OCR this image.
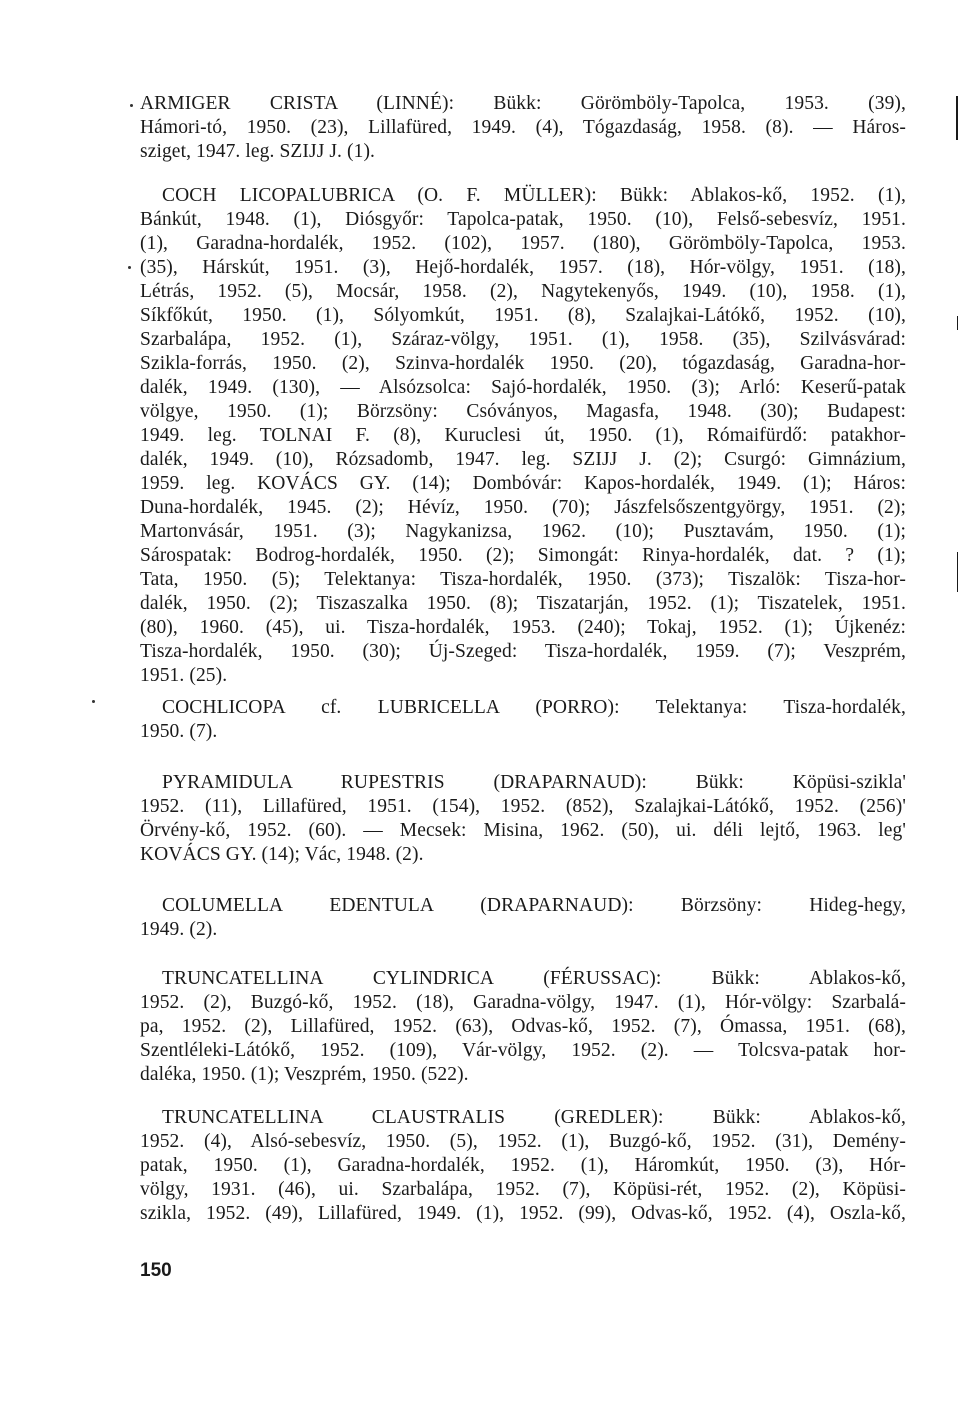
ARMIGER CRISTA (LINNÉ): Bükk: Görömböly-Tapolca, 1953. (39),
Hámori-tó, 1950. (23), Lillafüred, 1949. (4), Tógazdaság, 1958. (8). — Háros-
sziget, 1947. leg. SZIJJ J. (1).
COCH LICOPALUBRICA (O. F. MÜLLER): Bükk: Ablakos-kő, 1952. (1),
Bánkút, 1948. (1), Diósgyőr: Tapolca-patak, 1950. (10), Felső-sebesvíz, 1951.
(1), Garadna-hordalék, 1952. (102), 1957. (180), Görömböly-Tapolca, 1953.
(35), Hárskút, 1951. (3), Hejő-hordalék, 1957. (18), Hór-völgy, 1951. (18),
Létrás, 1952. (5), Mocsár, 1958. (2), Nagytekenyős, 1949. (10), 1958. (1),
Síkfőkút, 1950. (1), Sólyomkút, 1951. (8), Szalajkai-Látókő, 1952. (10),
Szarbalápa, 1952. (1), Száraz-völgy, 1951. (1), 1958. (35), Szilvásvárad:
Szikla-forrás, 1950. (2), Szinva-hordalék 1950. (20), tógazdaság, Garadna-hor-
dalék, 1949. (130), — Alsózsolca: Sajó-hordalék, 1950. (3); Arló: Keserű-patak
völgye, 1950. (1); Börzsöny: Csóványos, Magasfa, 1948. (30); Budapest:
1949. leg. TOLNAI F. (8), Kuruclesi út, 1950. (1), Rómaifürdő: patakhor-
dalék, 1949. (10), Rózsadomb, 1947. leg. SZIJJ J. (2); Csurgó: Gimnázium,
1959. leg. KOVÁCS GY. (14); Dombóvár: Kapos-hordalék, 1949. (1); Háros:
Duna-hordalék, 1945. (2); Hévíz, 1950. (70); Jászfelsőszentgyörgy, 1951. (2);
Martonvásár, 1951. (3); Nagykanizsa, 1962. (10); Pusztavám, 1950. (1);
Sárospatak: Bodrog-hordalék, 1950. (2); Simongát: Rinya-hordalék, dat. ? (1);
Tata, 1950. (5); Telektanya: Tisza-hordalék, 1950. (373); Tiszalök: Tisza-hor-
dalék, 1950. (2); Tiszaszalka 1950. (8); Tiszatarján, 1952. (1); Tiszatelek, 1951.
(80), 1960. (45), ui. Tisza-hordalék, 1953. (240); Tokaj, 1952. (1); Újkenéz:
Tisza-hordalék, 1950. (30); Új-Szeged: Tisza-hordalék, 1959. (7); Veszprém,
1951. (25).
COCHLICOPA cf. LUBRICELLA (PORRO): Telektanya: Tisza-hordalék,
1950. (7).
PYRAMIDULA RUPESTRIS (DRAPARNAUD): Bükk: Köpüsi-szikla'
1952. (11), Lillafüred, 1951. (154), 1952. (852), Szalajkai-Látókő, 1952. (256)'
Örvény-kő, 1952. (60). — Mecsek: Misina, 1962. (50), ui. déli lejtő, 1963. leg'
KOVÁCS GY. (14); Vác, 1948. (2).
COLUMELLA EDENTULA (DRAPARNAUD): Börzsöny: Hideg-hegy,
1949. (2).
TRUNCATELLINA CYLINDRICA (FÉRUSSAC): Bükk: Ablakos-kő,
1952. (2), Buzgó-kő, 1952. (18), Garadna-völgy, 1947. (1), Hór-völgy: Szarbalá-
pa, 1952. (2), Lillafüred, 1952. (63), Odvas-kő, 1952. (7), Ómassa, 1951. (68),
Szentléleki-Látókő, 1952. (109), Vár-völgy, 1952. (2). — Tolcsva-patak hor-
daléka, 1950. (1); Veszprém, 1950. (522).
TRUNCATELLINA CLAUSTRALIS (GREDLER): Bükk: Ablakos-kő,
1952. (4), Alsó-sebesvíz, 1950. (5), 1952. (1), Buzgó-kő, 1952. (31), Demény-
patak, 1950. (1), Garadna-hordalék, 1952. (1), Háromkút, 1950. (3), Hór-
völgy, 1931. (46), ui. Szarbalápa, 1952. (7), Köpüsi-rét, 1952. (2), Köpüsi-
szikla, 1952. (49), Lillafüred, 1949. (1), 1952. (99), Odvas-kő, 1952. (4), Oszla-kő,
150
